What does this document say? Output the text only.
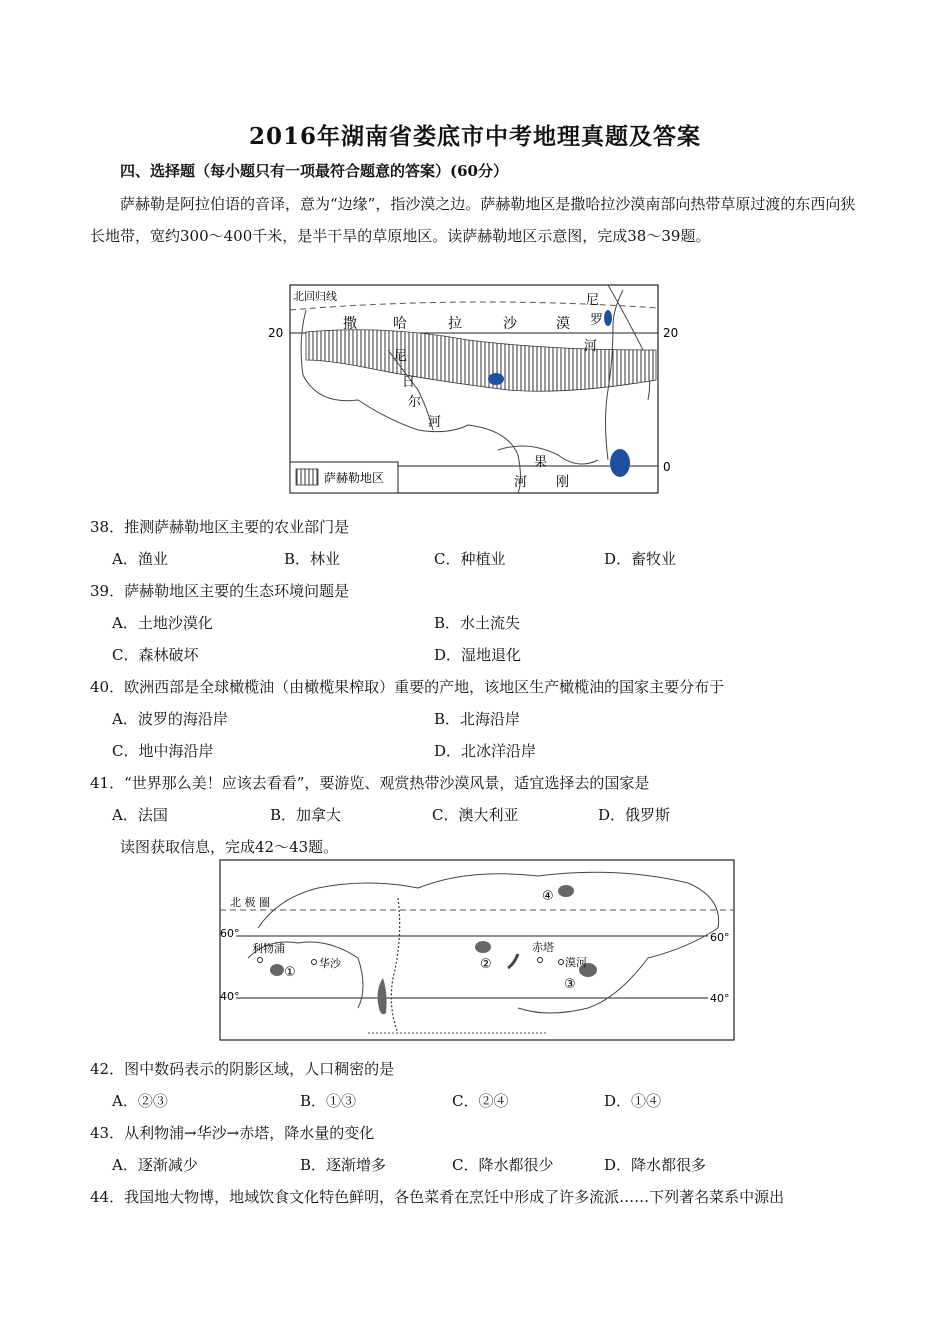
2016年湖南省娄底市中考地理真题及答案
四、选择题（每小题只有一项最符合题意的答案）(60分）
萨赫勒是阿拉伯语的音译，意为“边缘”，指沙漠之边。萨赫勒地区是撒哈拉沙漠南部向热带草原过渡的东西向狭长地带，宽约300～400千米，是半干旱的草原地区。读萨赫勒地区示意图，完成38～39题。
北回归线
20	20
0
撒	哈	拉	沙	漠
尼
罗
河
尼
日
尔
河
刚
果
河
萨赫勒地区
38．推测萨赫勒地区主要的农业部门是
A．渔业	B．林业	C．种植业	D．畜牧业
39．萨赫勒地区主要的生态环境问题是
A．土地沙漠化	B．水土流失
C．森林破坏	D．湿地退化
40．欧洲西部是全球橄榄油（由橄榄果榨取）重要的产地，该地区生产橄榄油的国家主要分布于
A．波罗的海沿岸	B．北海沿岸
C．地中海沿岸	D．北冰洋沿岸
41．“世界那么美！应该去看看”，要游览、观赏热带沙漠风景，适宜选择去的国家是
A．法国	B．加拿大	C．澳大利亚	D．俄罗斯
读图获取信息，完成42～43题。
北 极 圈
60°	60°
40°	40°
利物浦
华沙
赤塔
漠河
①
②
③
④
42．图中数码表示的阴影区域，人口稠密的是
A．②③	B．①③	C．②④	D．①④
43．从利物浦→华沙→赤塔，降水量的变化
A．逐渐减少	B．逐渐增多	C．降水都很少	D．降水都很多
44．我国地大物博，地域饮食文化特色鲜明，各色菜肴在烹饪中形成了许多流派……下列著名菜系中源出
